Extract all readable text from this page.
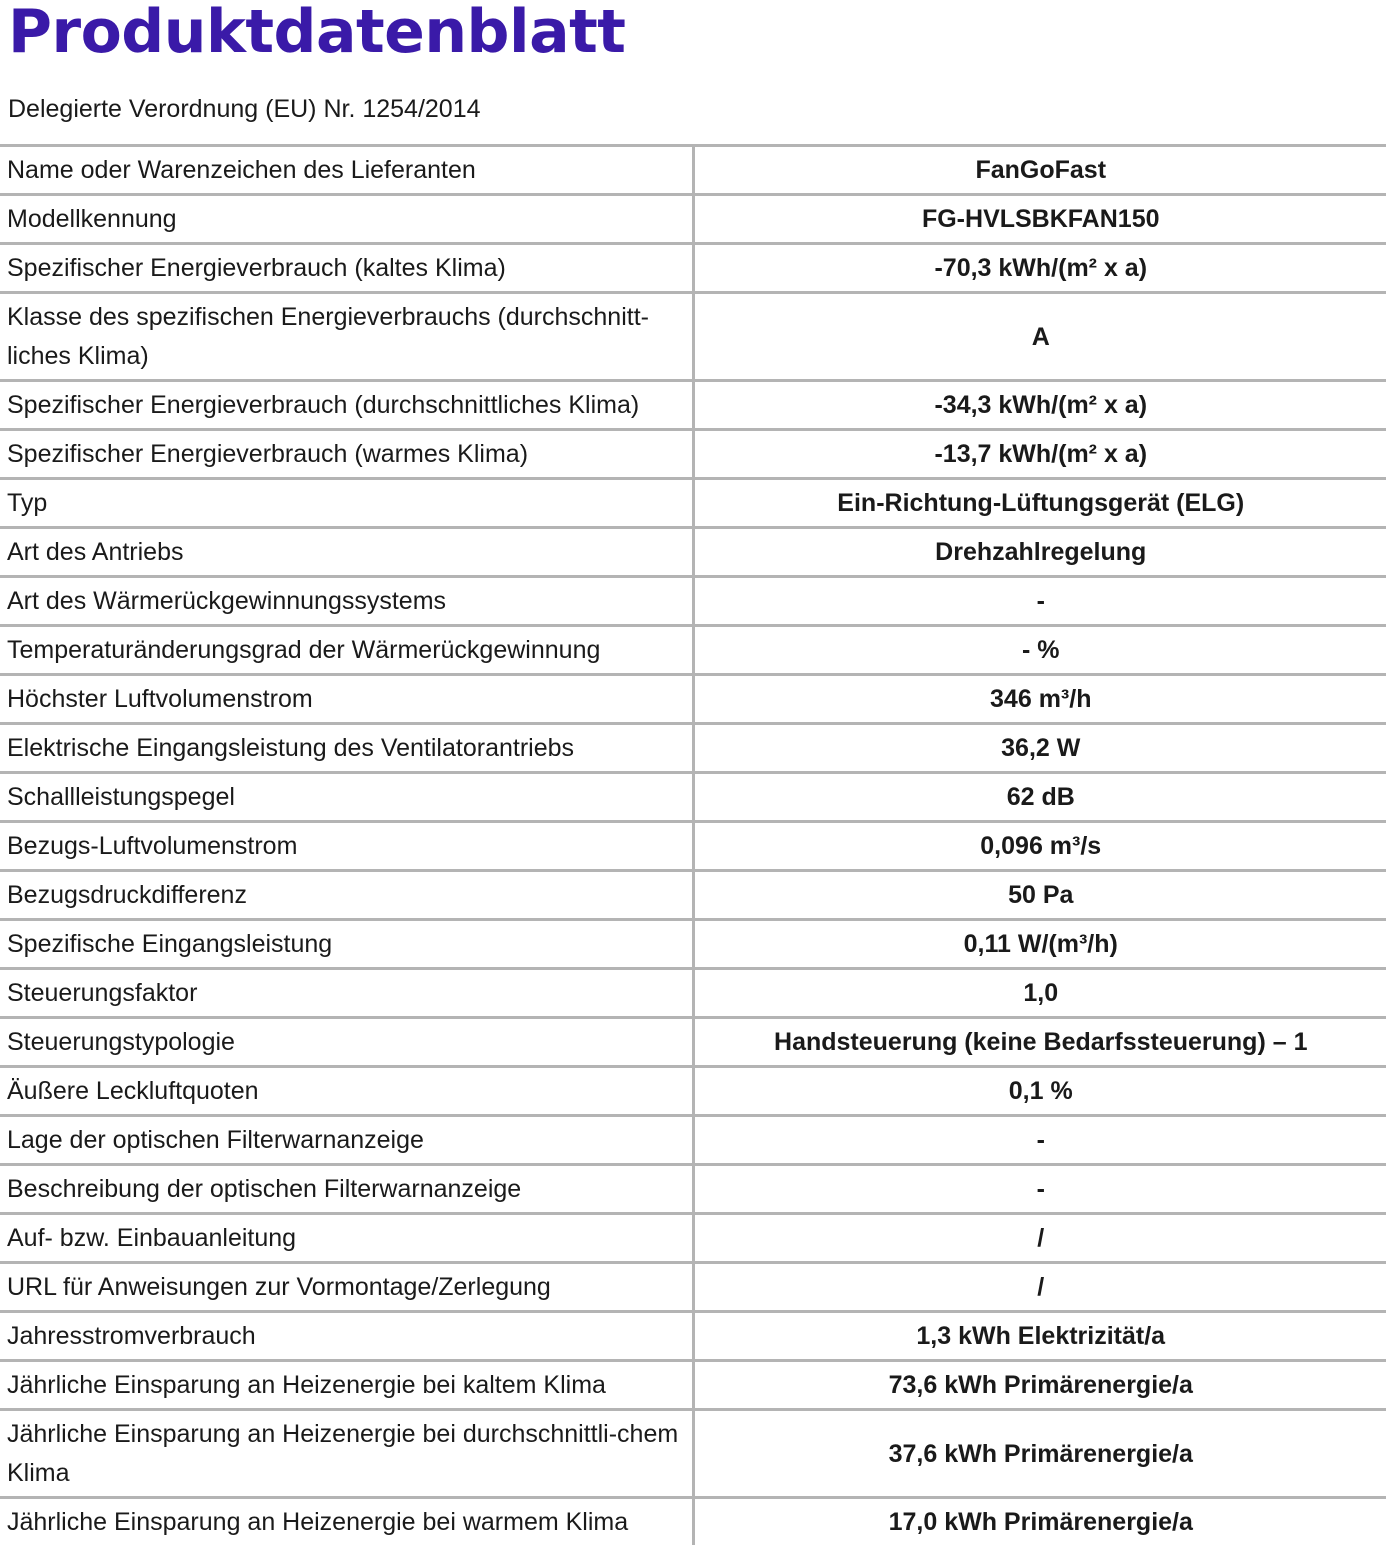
Produktdatenblatt

Delegierte Verordnung (EU) Nr. 1254/2014

Name oder Warenzeichen des Lieferanten	FanGoFast
Modellkennung	FG-HVLSBKFAN150
Spezifischer Energieverbrauch (kaltes Klima)	-70,3 kWh/(m² x a)
Klasse des spezifischen Energieverbrauchs (durchschnitt-liches Klima)	A
Spezifischer Energieverbrauch (durchschnittliches Klima)	-34,3 kWh/(m² x a)
Spezifischer Energieverbrauch (warmes Klima)	-13,7 kWh/(m² x a)
Typ	Ein-Richtung-Lüftungsgerät (ELG)
Art des Antriebs	Drehzahlregelung
Art des Wärmerückgewinnungssystems	-
Temperaturänderungsgrad der Wärmerückgewinnung	- %
Höchster Luftvolumenstrom	346 m³/h
Elektrische Eingangsleistung des Ventilatorantriebs	36,2 W
Schallleistungspegel	62 dB
Bezugs-Luftvolumenstrom	0,096 m³/s
Bezugsdruckdifferenz	50 Pa
Spezifische Eingangsleistung	0,11 W/(m³/h)
Steuerungsfaktor	1,0
Steuerungstypologie	Handsteuerung (keine Bedarfssteuerung) – 1
Äußere Leckluftquoten	0,1 %
Lage der optischen Filterwarnanzeige	-
Beschreibung der optischen Filterwarnanzeige	-
Auf- bzw. Einbauanleitung	/
URL für Anweisungen zur Vormontage/Zerlegung	/
Jahresstromverbrauch	1,3 kWh Elektrizität/a
Jährliche Einsparung an Heizenergie bei kaltem Klima	73,6 kWh Primärenergie/a
Jährliche Einsparung an Heizenergie bei durchschnittli-chem Klima	37,6 kWh Primärenergie/a
Jährliche Einsparung an Heizenergie bei warmem Klima	17,0 kWh Primärenergie/a
